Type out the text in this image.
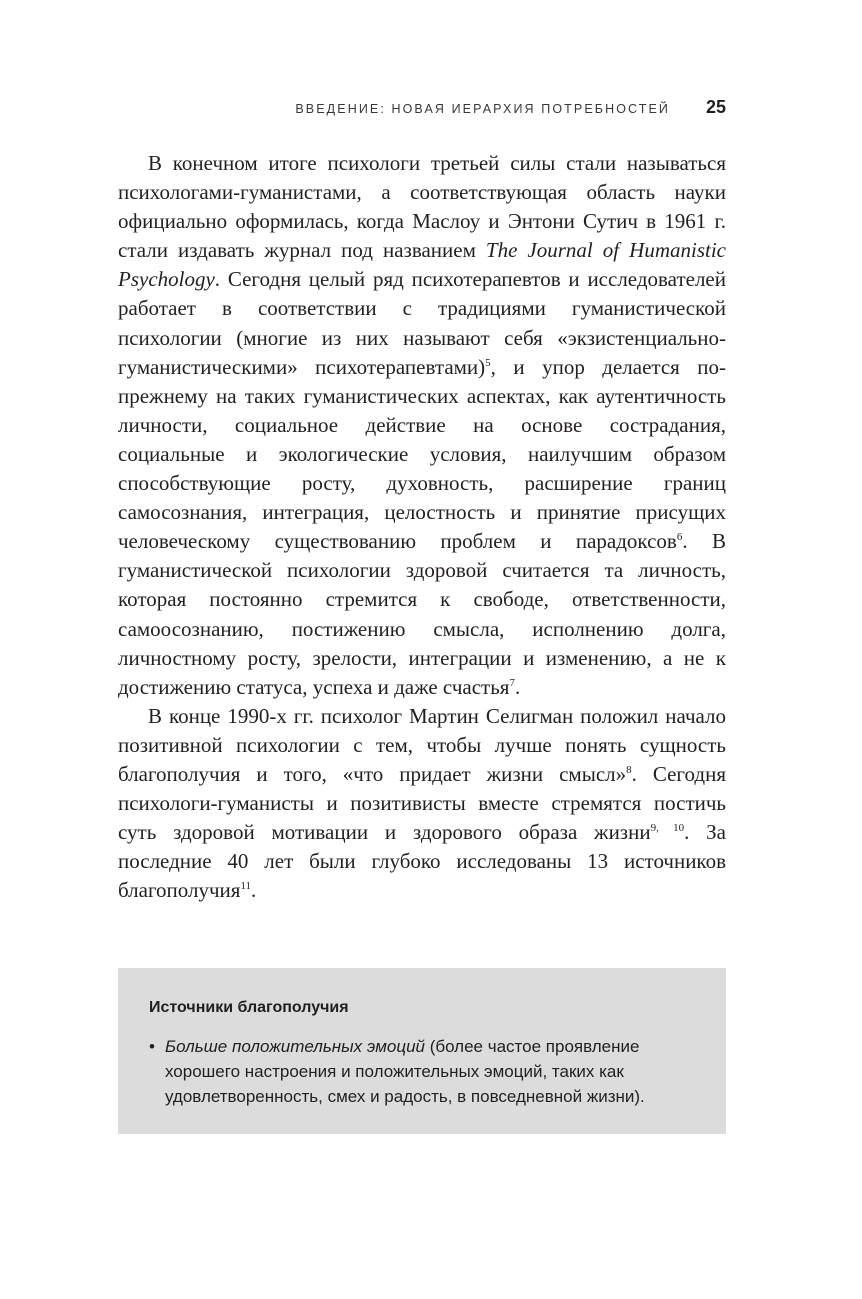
ВВЕДЕНИЕ: НОВАЯ ИЕРАРХИЯ ПОТРЕБНОСТЕЙ 25

В конечном итоге психологи третьей силы стали называться психологами-гуманистами, а соответствующая область науки официально оформилась, когда Маслоу и Энтони Сутич в 1961 г. стали издавать журнал под названием The Journal of Humanistic Psychology. Сегодня целый ряд психотерапевтов и исследователей работает в соответствии с традициями гуманистической психологии (многие из них называют себя «экзистенциально-гуманистическими» психотерапевтами)$^5$, и упор делается по-прежнему на таких гуманистических аспектах, как аутентичность личности, социальное действие на основе сострадания, социальные и экологические условия, наилучшим образом способствующие росту, духовность, расширение границ самосознания, интеграция, целостность и принятие присущих человеческому существованию проблем и парадоксов$^6$. В гуманистической психологии здоровой считается та личность, которая постоянно стремится к свободе, ответственности, самоосознанию, постижению смысла, исполнению долга, личностному росту, зрелости, интеграции и изменению, а не к достижению статуса, успеха и даже счастья$^7$.

В конце 1990-х гг. психолог Мартин Селигман положил начало позитивной психологии с тем, чтобы лучше понять сущность благополучия и того, «что придает жизни смысл»$^8$. Сегодня психологи-гуманисты и позитивисты вместе стремятся постичь суть здоровой мотивации и здорового образа жизни$^{9, 10}$. За последние 40 лет были глубоко исследованы 13 источников благополучия$^{11}$.

Источники благополучия
• Больше положительных эмоций (более частое проявление хорошего настроения и положительных эмоций, таких как удовлетворенность, смех и радость, в повседневной жизни).
